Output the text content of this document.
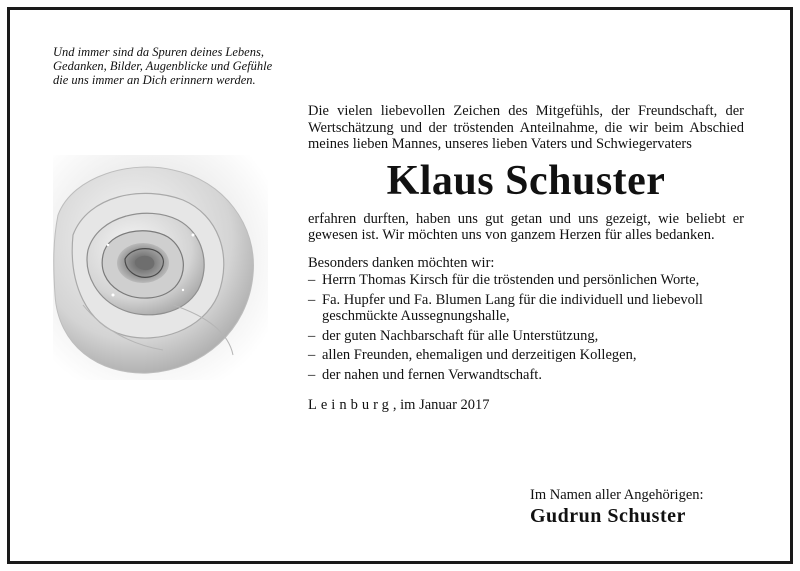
Und immer sind da Spuren deines Lebens,
Gedanken, Bilder, Augenblicke und Gefühle
die uns immer an Dich erinnern werden.

Die vielen liebevollen Zeichen des Mitgefühls, der Freundschaft, der Wertschätzung und der tröstenden Anteilnahme, die wir beim Abschied meines lieben Mannes, unseres lieben Vaters und Schwiegervaters

Klaus Schuster

erfahren durften, haben uns gut getan und uns gezeigt, wie beliebt er gewesen ist. Wir möchten uns von ganzem Herzen für alles bedanken.

Besonders danken möchten wir:
– Herrn Thomas Kirsch für die tröstenden und persönlichen Worte,
– Fa. Hupfer und Fa. Blumen Lang für die individuell und liebevoll geschmückte Aussegnungshalle,
– der guten Nachbarschaft für alle Unterstützung,
– allen Freunden, ehemaligen und derzeitigen Kollegen,
– der nahen und fernen Verwandtschaft.
Leinburg, im Januar 2017
Im Namen aller Angehörigen:
Gudrun Schuster
